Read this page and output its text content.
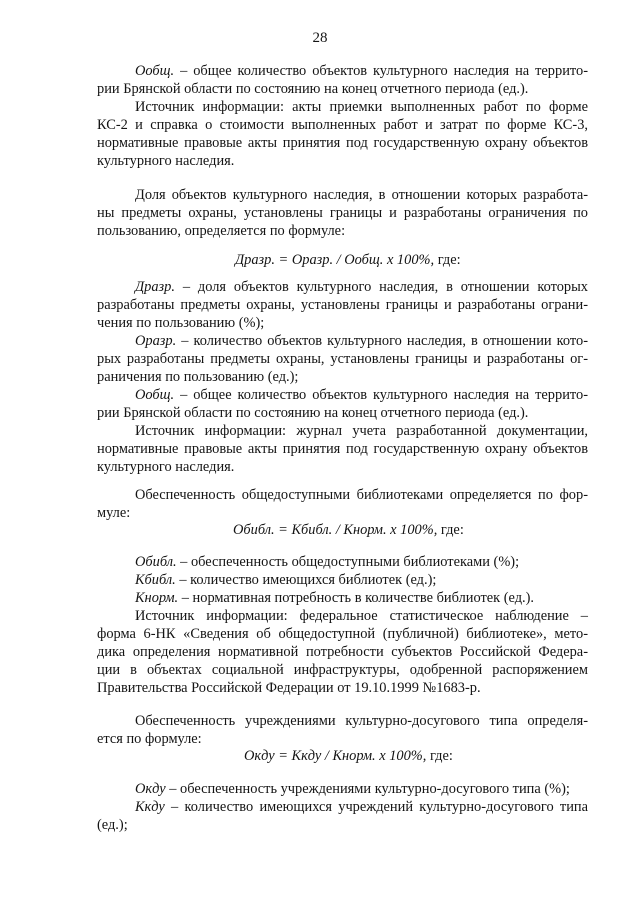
28
Ообщ. – общее количество объектов культурного наследия на террито-
рии Брянской области по состоянию на конец отчетного периода (ед.).
Источник информации: акты приемки выполненных работ по форме
КС-2 и справка о стоимости выполненных работ и затрат по форме КС-3,
нормативные правовые акты принятия под государственную охрану объектов
культурного наследия.
Доля объектов культурного наследия, в отношении которых разработа-
ны предметы охраны, установлены границы и разработаны ограничения по
пользованию, определяется по формуле:
Дразр. = Оразр. / Ообщ. х 100%, где:
Дразр. – доля объектов культурного наследия, в отношении которых
разработаны предметы охраны, установлены границы и разработаны ограни-
чения по пользованию (%);
Оразр. – количество объектов культурного наследия, в отношении кото-
рых разработаны предметы охраны, установлены границы и разработаны ог-
раничения по пользованию (ед.);
Ообщ. – общее количество объектов культурного наследия на террито-
рии Брянской области по состоянию на конец отчетного периода (ед.).
Источник информации: журнал учета разработанной документации,
нормативные правовые акты принятия под государственную охрану объектов
культурного наследия.
Обеспеченность общедоступными библиотеками определяется по фор-
муле:
Обибл. = Кбибл. / Кнорм. х 100%, где:
Обибл. – обеспеченность общедоступными библиотеками (%);
Кбибл. – количество имеющихся библиотек (ед.);
Кнорм. – нормативная потребность в количестве библиотек (ед.).
Источник информации: федеральное статистическое наблюдение –
форма 6-НК «Сведения об общедоступной (публичной) библиотеке», мето-
дика определения нормативной потребности субъектов Российской Федера-
ции в объектах социальной инфраструктуры, одобренной распоряжением
Правительства Российской Федерации от 19.10.1999 №1683-р.
Обеспеченность учреждениями культурно-досугового типа определя-
ется по формуле:
Окду = Ккду / Кнорм. х 100%, где:
Окду – обеспеченность учреждениями культурно-досугового типа (%);
Ккду – количество имеющихся учреждений культурно-досугового типа
(ед.);
